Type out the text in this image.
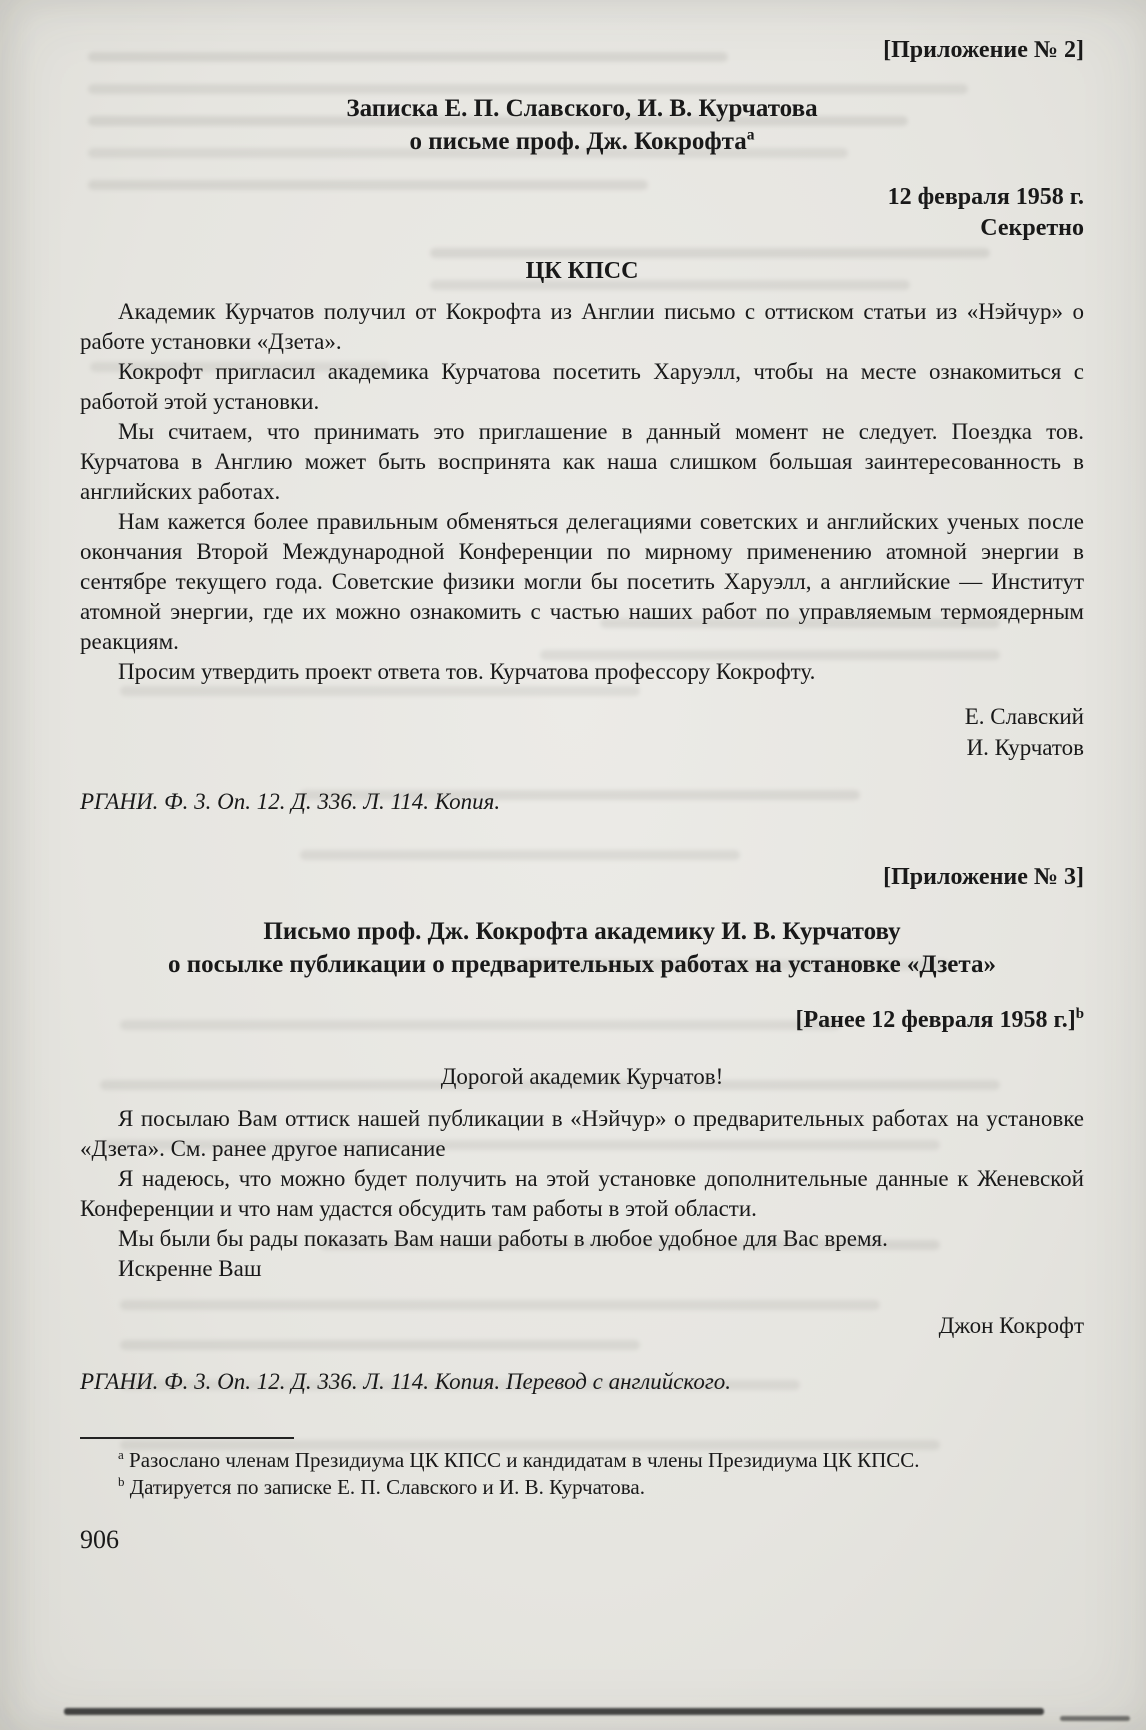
[Приложение № 2]
Записка Е. П. Славского, И. В. Курчатова
о письме проф. Дж. Кокрофта$^а$
12 февраля 1958 г.
Секретно
ЦК КПСС

Академик Курчатов получил от Кокрофта из Англии письмо с оттиском статьи из «Нэйчур» о работе установки «Дзета».

Кокрофт пригласил академика Курчатова посетить Харуэлл, чтобы на месте ознакомиться с работой этой установки.

Мы считаем, что принимать это приглашение в данный момент не следует. Поездка тов. Курчатова в Англию может быть воспринята как наша слишком большая заинтересованность в английских работах.

Нам кажется более правильным обменяться делегациями советских и английских ученых после окончания Второй Международной Конференции по мирному применению атомной энергии в сентябре текущего года. Советские физики могли бы посетить Харуэлл, а английские — Институт атомной энергии, где их можно ознакомить с частью наших работ по управляемым термоядерным реакциям.

Просим утвердить проект ответа тов. Курчатова профессору Кокрофту.

Е. Славский
И. Курчатов

РГАНИ. Ф. 3. Оп. 12. Д. 336. Л. 114. Копия.

[Приложение № 3]
Письмо проф. Дж. Кокрофта академику И. В. Курчатову
о посылке публикации о предварительных работах на установке «Дзета»
[Ранее 12 февраля 1958 г.]$^b$
Дорогой академик Курчатов!

Я посылаю Вам оттиск нашей публикации в «Нэйчур» о предварительных работах на установке «Дзета». См. ранее другое написание

Я надеюсь, что можно будет получить на этой установке дополнительные данные к Женевской Конференции и что нам удастся обсудить там работы в этой области.

Мы были бы рады показать Вам наши работы в любое удобное для Вас время.

Искренне Ваш

Джон Кокрофт

РГАНИ. Ф. 3. Оп. 12. Д. 336. Л. 114. Копия. Перевод с английского.

$^а$ Разослано членам Президиума ЦК КПСС и кандидатам в члены Президиума ЦК КПСС.

$^b$ Датируется по записке Е. П. Славского и И. В. Курчатова.

906
